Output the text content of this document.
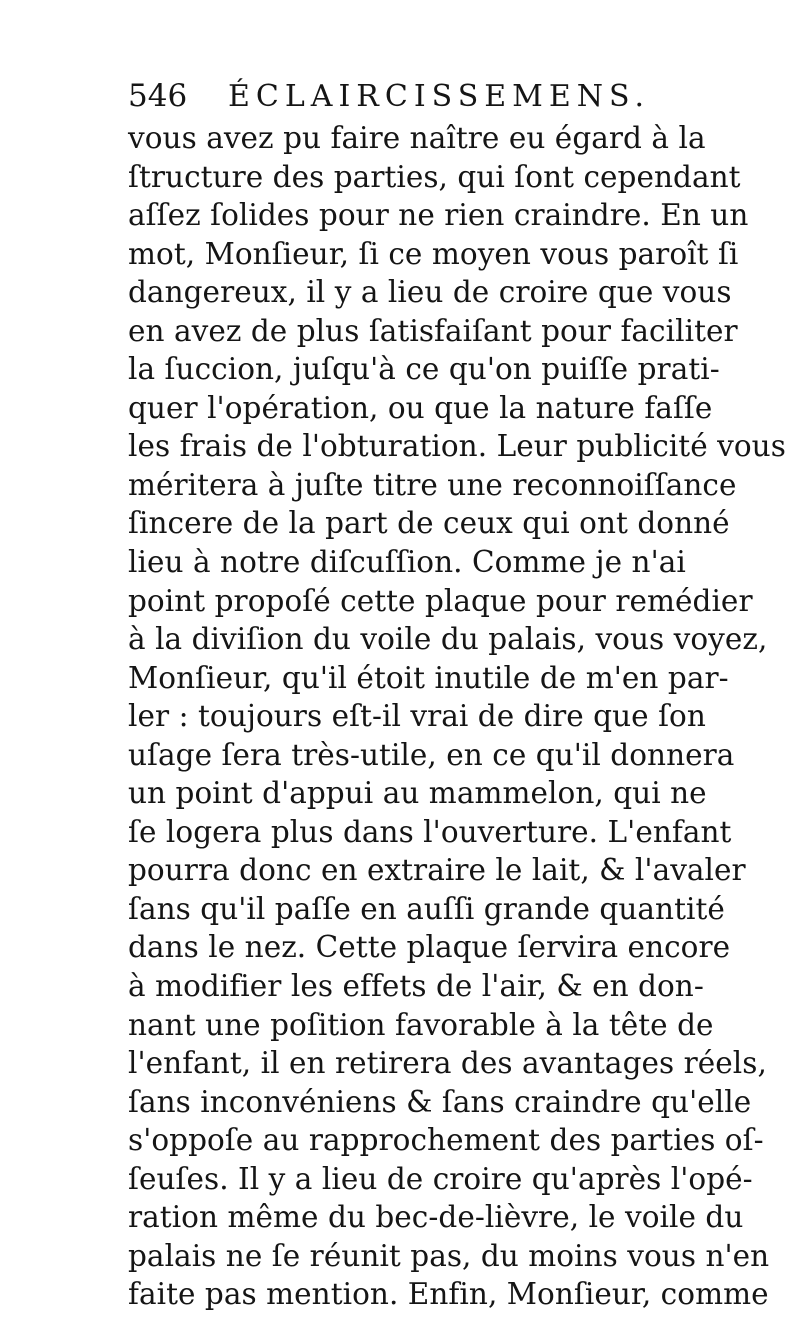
546	ÉCLAIRCISSEMENS.
vous avez pu faire naître eu égard à la
ſtructure des parties, qui ſont cependant
aſſez ſolides pour ne rien craindre. En un
mot, Monſieur, ſi ce moyen vous paroît ſi
dangereux, il y a lieu de croire que vous
en avez de plus ſatisfaiſant pour faciliter
la ſuccion, juſqu'à ce qu'on puiſſe prati-
quer l'opération, ou que la nature faſſe
les frais de l'obturation. Leur publicité vous
méritera à juſte titre une reconnoiſſance
ſincere de la part de ceux qui ont donné
lieu à notre diſcuſſion. Comme je n'ai
point propoſé cette plaque pour remédier
à la diviſion du voile du palais, vous voyez,
Monſieur, qu'il étoit inutile de m'en par-
ler : toujours eſt-il vrai de dire que ſon
uſage ſera très-utile, en ce qu'il donnera
un point d'appui au mammelon, qui ne
ſe logera plus dans l'ouverture. L'enfant
pourra donc en extraire le lait, & l'avaler
ſans qu'il paſſe en auſſi grande quantité
dans le nez. Cette plaque ſervira encore
à modifier les effets de l'air, & en don-
nant une poſition favorable à la tête de
l'enfant, il en retirera des avantages réels,
ſans inconvéniens & ſans craindre qu'elle
s'oppoſe au rapprochement des parties oſ-
ſeuſes. Il y a lieu de croire qu'après l'opé-
ration même du bec-de-lièvre, le voile du
palais ne ſe réunit pas, du moins vous n'en
faite pas mention. Enfin, Monſieur, comme
